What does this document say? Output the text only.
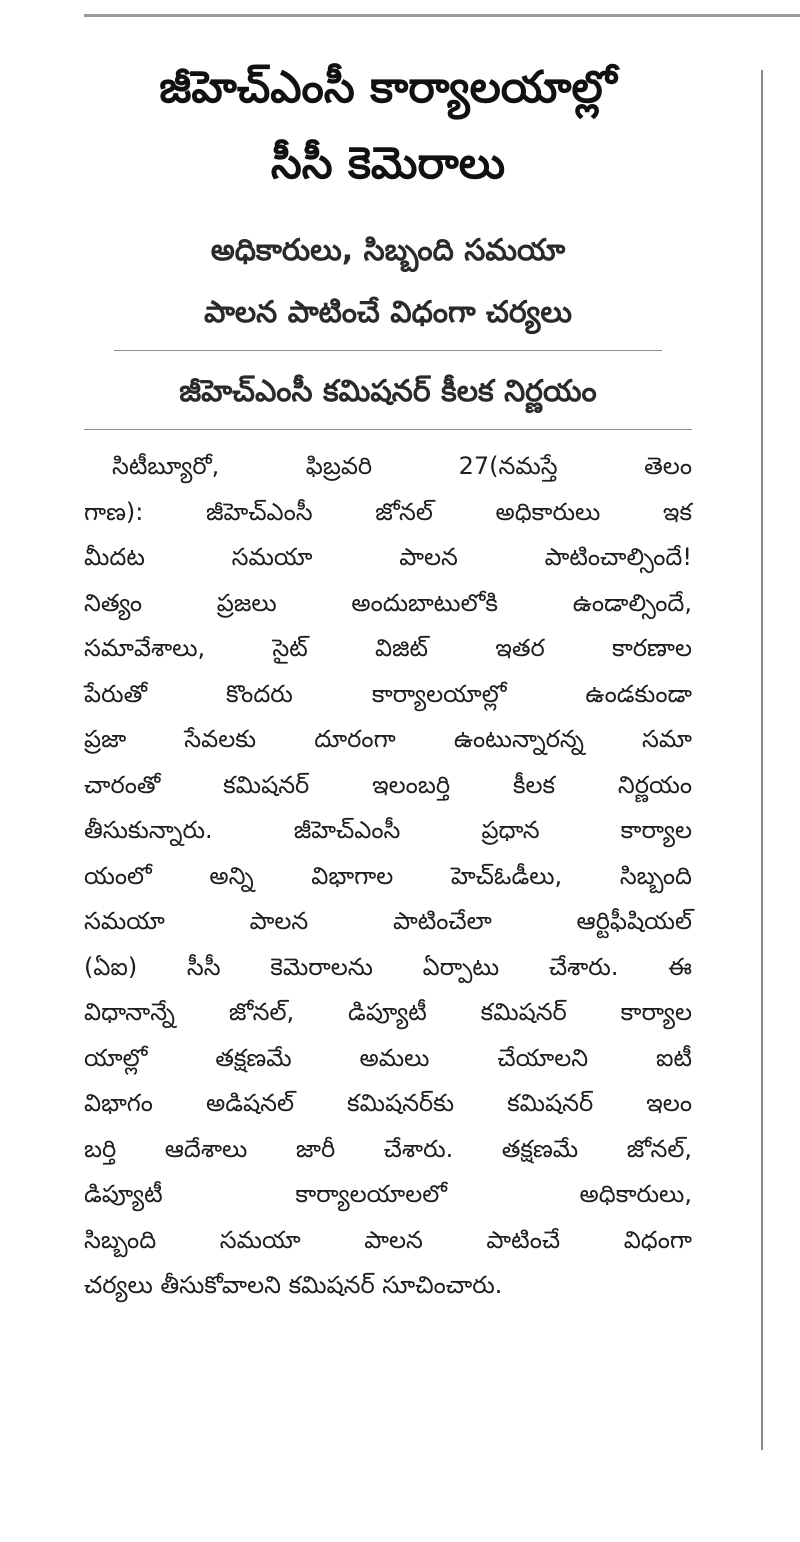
జీహెచ్‌ఎంసీ కార్యాలయాల్లో
సీసీ కెమెరాలు
అధికారులు, సిబ్బంది సమయా
పాలన పాటించే విధంగా చర్యలు
జీహెచ్‌ఎంసీ కమిషనర్‌ కీలక నిర్ణయం
సిటీబ్యూరో, ఫిబ్రవరి 27(నమస్తే తెలం
గాణ): జీహెచ్‌ఎంసీ జోనల్‌ అధికారులు ఇక
మీదట సమయా పాలన పాటించాల్సిందే!
నిత్యం ప్రజలు అందుబాటులోకి ఉండాల్సిందే,
సమావేశాలు, సైట్‌ విజిట్‌ ఇతర కారణాల
పేరుతో కొందరు కార్యాలయాల్లో ఉండకుండా
ప్రజా సేవలకు దూరంగా ఉంటున్నారన్న సమా
చారంతో కమిషనర్‌ ఇలంబర్తి కీలక నిర్ణయం
తీసుకున్నారు. జీహెచ్‌ఎంసీ ప్రధాన కార్యాల
యంలో అన్ని విభాగాల హెచ్‌ఓడీలు, సిబ్బంది
సమయా పాలన పాటించేలా ఆర్టిఫీషియల్‌
(ఏఐ) సీసీ కెమెరాలను ఏర్పాటు చేశారు. ఈ
విధానాన్నే జోనల్‌, డిప్యూటీ కమిషనర్‌ కార్యాల
యాల్లో తక్షణమే అమలు చేయాలని ఐటీ
విభాగం అడిషనల్‌ కమిషనర్‌కు కమిషనర్‌ ఇలం
బర్తి ఆదేశాలు జారీ చేశారు. తక్షణమే జోనల్‌,
డిప్యూటీ కార్యాలయాలలో అధికారులు,
సిబ్బంది సమయా పాలన పాటించే విధంగా
చర్యలు తీసుకోవాలని కమిషనర్‌ సూచించారు.
